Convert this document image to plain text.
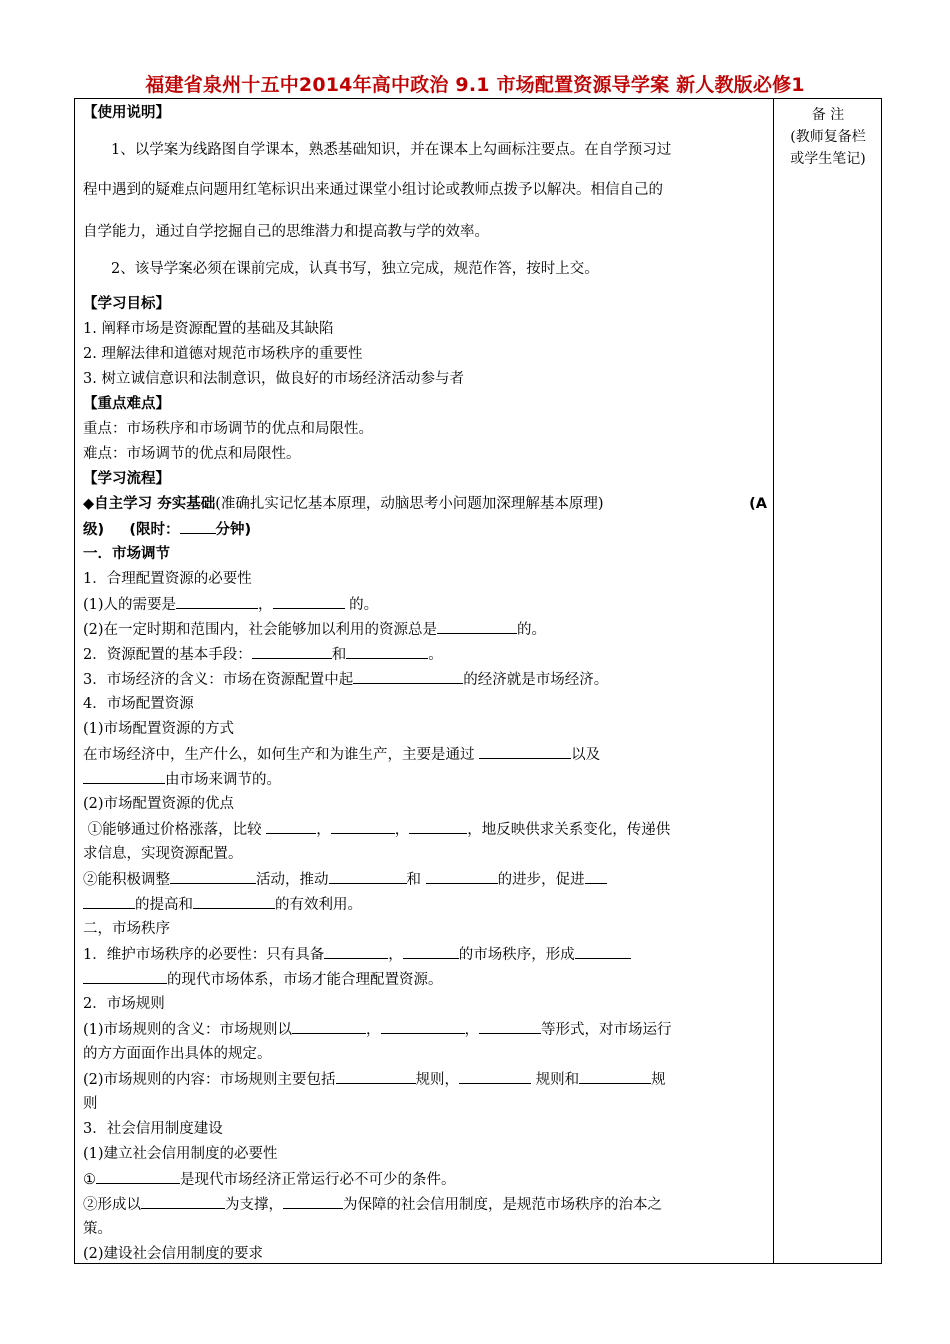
福建省泉州十五中2014年高中政治 9.1 市场配置资源导学案 新人教版必修1
备 注
(教师复备栏
或学生笔记)
【使用说明】
1、以学案为线路图自学课本，熟悉基础知识，并在课本上勾画标注要点。在自学预习过
程中遇到的疑难点问题用红笔标识出来通过课堂小组讨论或教师点拨予以解决。相信自己的
自学能力，通过自学挖掘自己的思维潜力和提高教与学的效率。
2、该导学案必须在课前完成，认真书写，独立完成，规范作答，按时上交。
【学习目标】
1. 阐释市场是资源配置的基础及其缺陷
2. 理解法律和道德对规范市场秩序的重要性
3. 树立诚信意识和法制意识，做良好的市场经济活动参与者
【重点难点】
重点：市场秩序和市场调节的优点和局限性。
难点：市场调节的优点和局限性。
【学习流程】
◆自主学习 夯实基础(准确扎实记忆基本原理，动脑思考小问题加深理解基本原理)	(A
级) (限时： 分钟)
一．市场调节
1．合理配置资源的必要性
(1)人的需要是	，	的。
(2)在一定时期和范围内，社会能够加以利用的资源总是	的。
2．资源配置的基本手段：	和	。
3．市场经济的含义：市场在资源配置中起	的经济就是市场经济。
4．市场配置资源
(1)市场配置资源的方式
在市场经济中，生产什么，如何生产和为谁生产，主要是通过	以及
由市场来调节的。
(2)市场配置资源的优点
①能够通过价格涨落，比较	，	，	，地反映供求关系变化，传递供
求信息，实现资源配置。
②能积极调整	活动，推动	和	的进步，促进
的提高和	的有效利用。
二，市场秩序
1．维护市场秩序的必要性：只有具备	，	的市场秩序，形成
的现代市场体系，市场才能合理配置资源。
2．市场规则
(1)市场规则的含义：市场规则以	，	，	等形式，对市场运行
的方方面面作出具体的规定。
(2)市场规则的内容：市场规则主要包括	规则，	规则和	规
则
3．社会信用制度建设
(1)建立社会信用制度的必要性
①	是现代市场经济正常运行必不可少的条件。
②形成以	为支撑，	为保障的社会信用制度，是规范市场秩序的治本之
策。
(2)建设社会信用制度的要求
